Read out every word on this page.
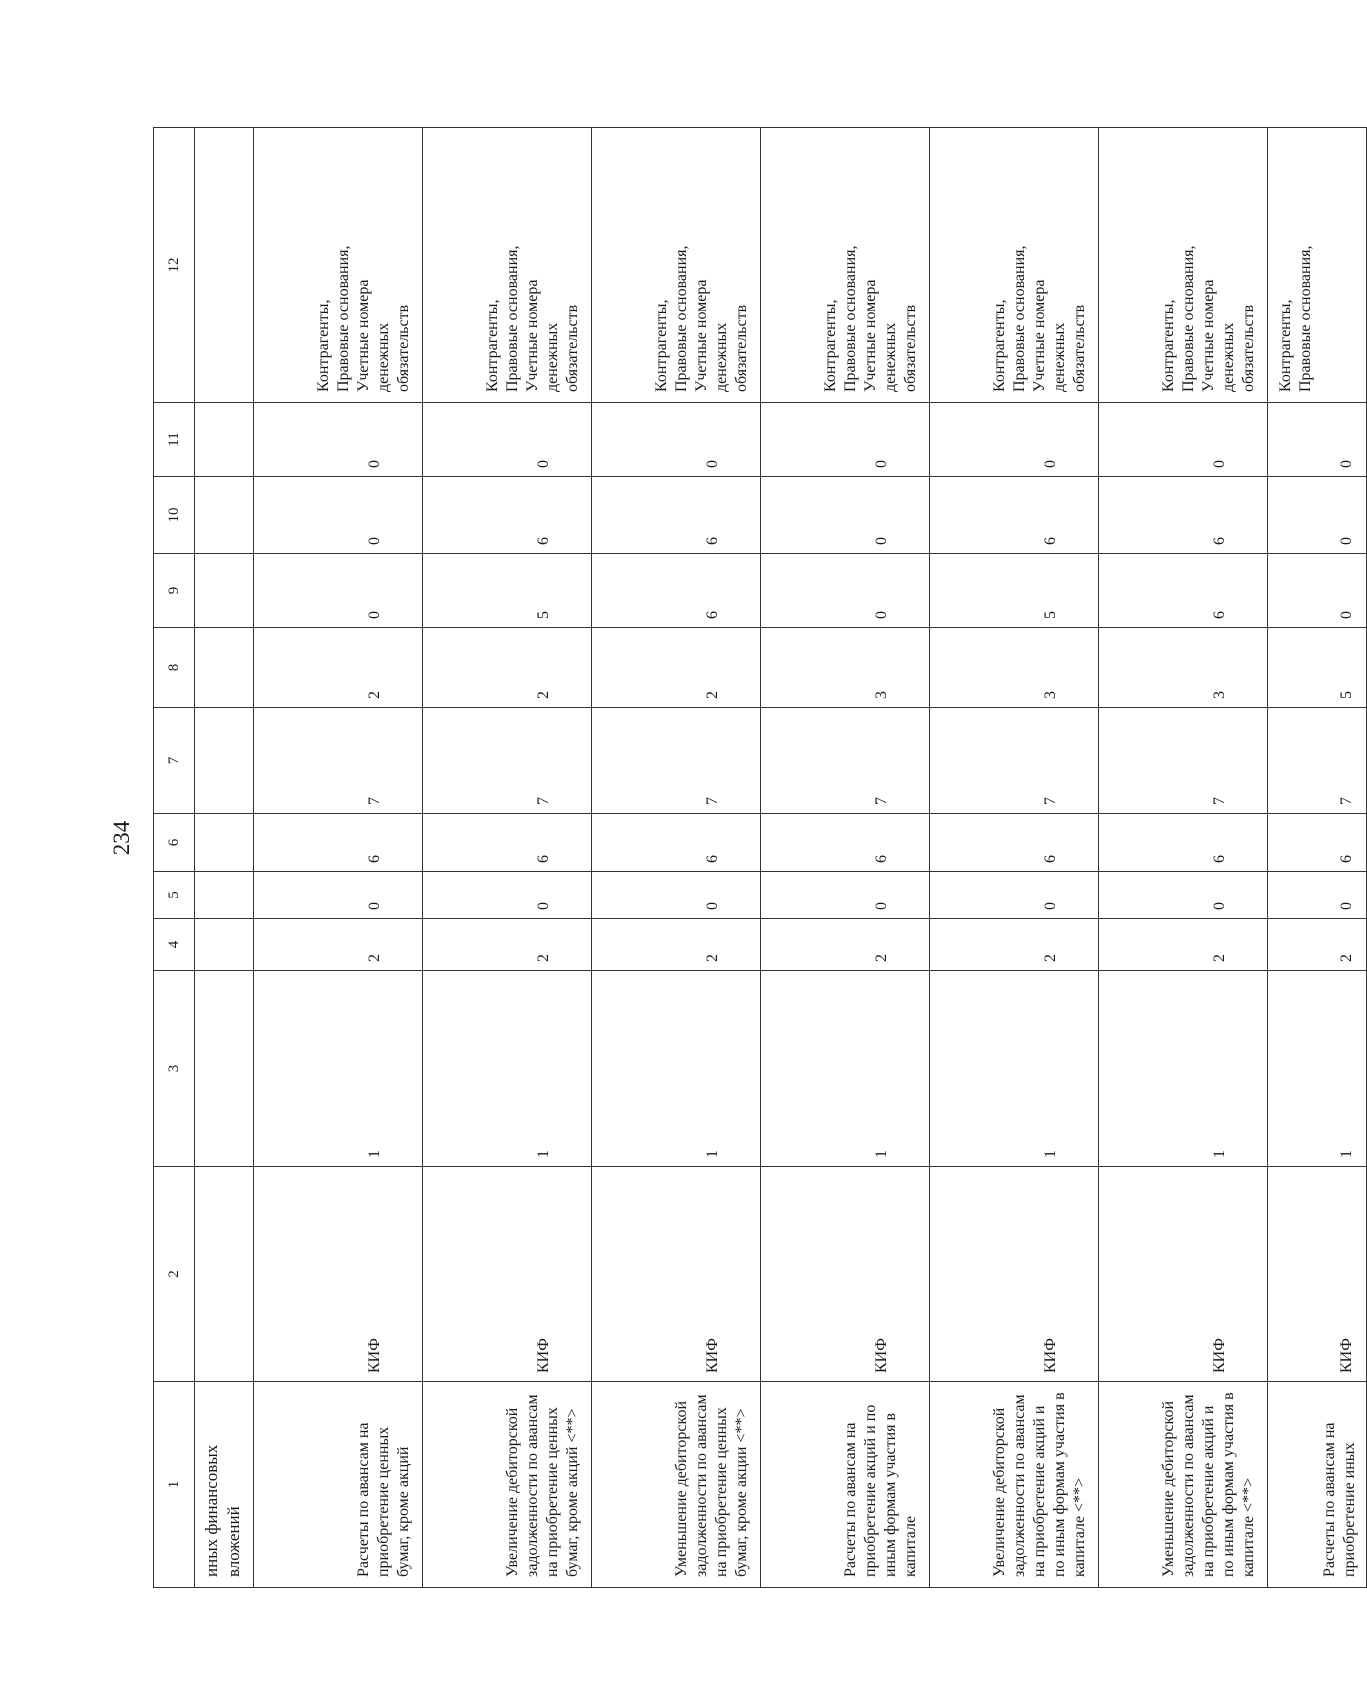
234
1	2	3	4	5	6	7	8	9	10	11	12
иных финансовых вложений											
Расчеты по авансам на приобретение ценных бумаг, кроме акций	КИФ	1	2	0	6	7	2	0	0	0	Контрагенты, Правовые основания, Учетные номера денежных обязательств

Увеличение дебиторской задолженности по авансам на приобретение ценных бумаг, кроме акций <**>	КИФ	1	2	0	6	7	2	5	6	0	Контрагенты, Правовые основания, Учетные номера денежных обязательств

Уменьшение дебиторской задолженности по авансам на приобретение ценных бумаг, кроме акции <**>	КИФ	1	2	0	6	7	2	6	6	0	Контрагенты, Правовые основания, Учетные номера денежных обязательств

Расчеты по авансам на приобретение акций и по иным формам участия в капитале	КИФ	1	2	0	6	7	3	0	0	0	Контрагенты, Правовые основания, Учетные номера денежных обязательств

Увеличение дебиторской задолженности по авансам на приобретение акций и по иным формам участия в капитале <**>	КИФ	1	2	0	6	7	3	5	6	0	Контрагенты, Правовые основания, Учетные номера денежных обязательств

Уменьшение дебиторской задолженности по авансам на приобретение акций и по иным формам участия в капитале <**>	КИФ	1	2	0	6	7	3	6	6	0	Контрагенты, Правовые основания, Учетные номера денежных обязательств

Расчеты по авансам на приобретение иных	КИФ	1	2	0	6	7	5	0	0	0	Контрагенты, Правовые основания,
